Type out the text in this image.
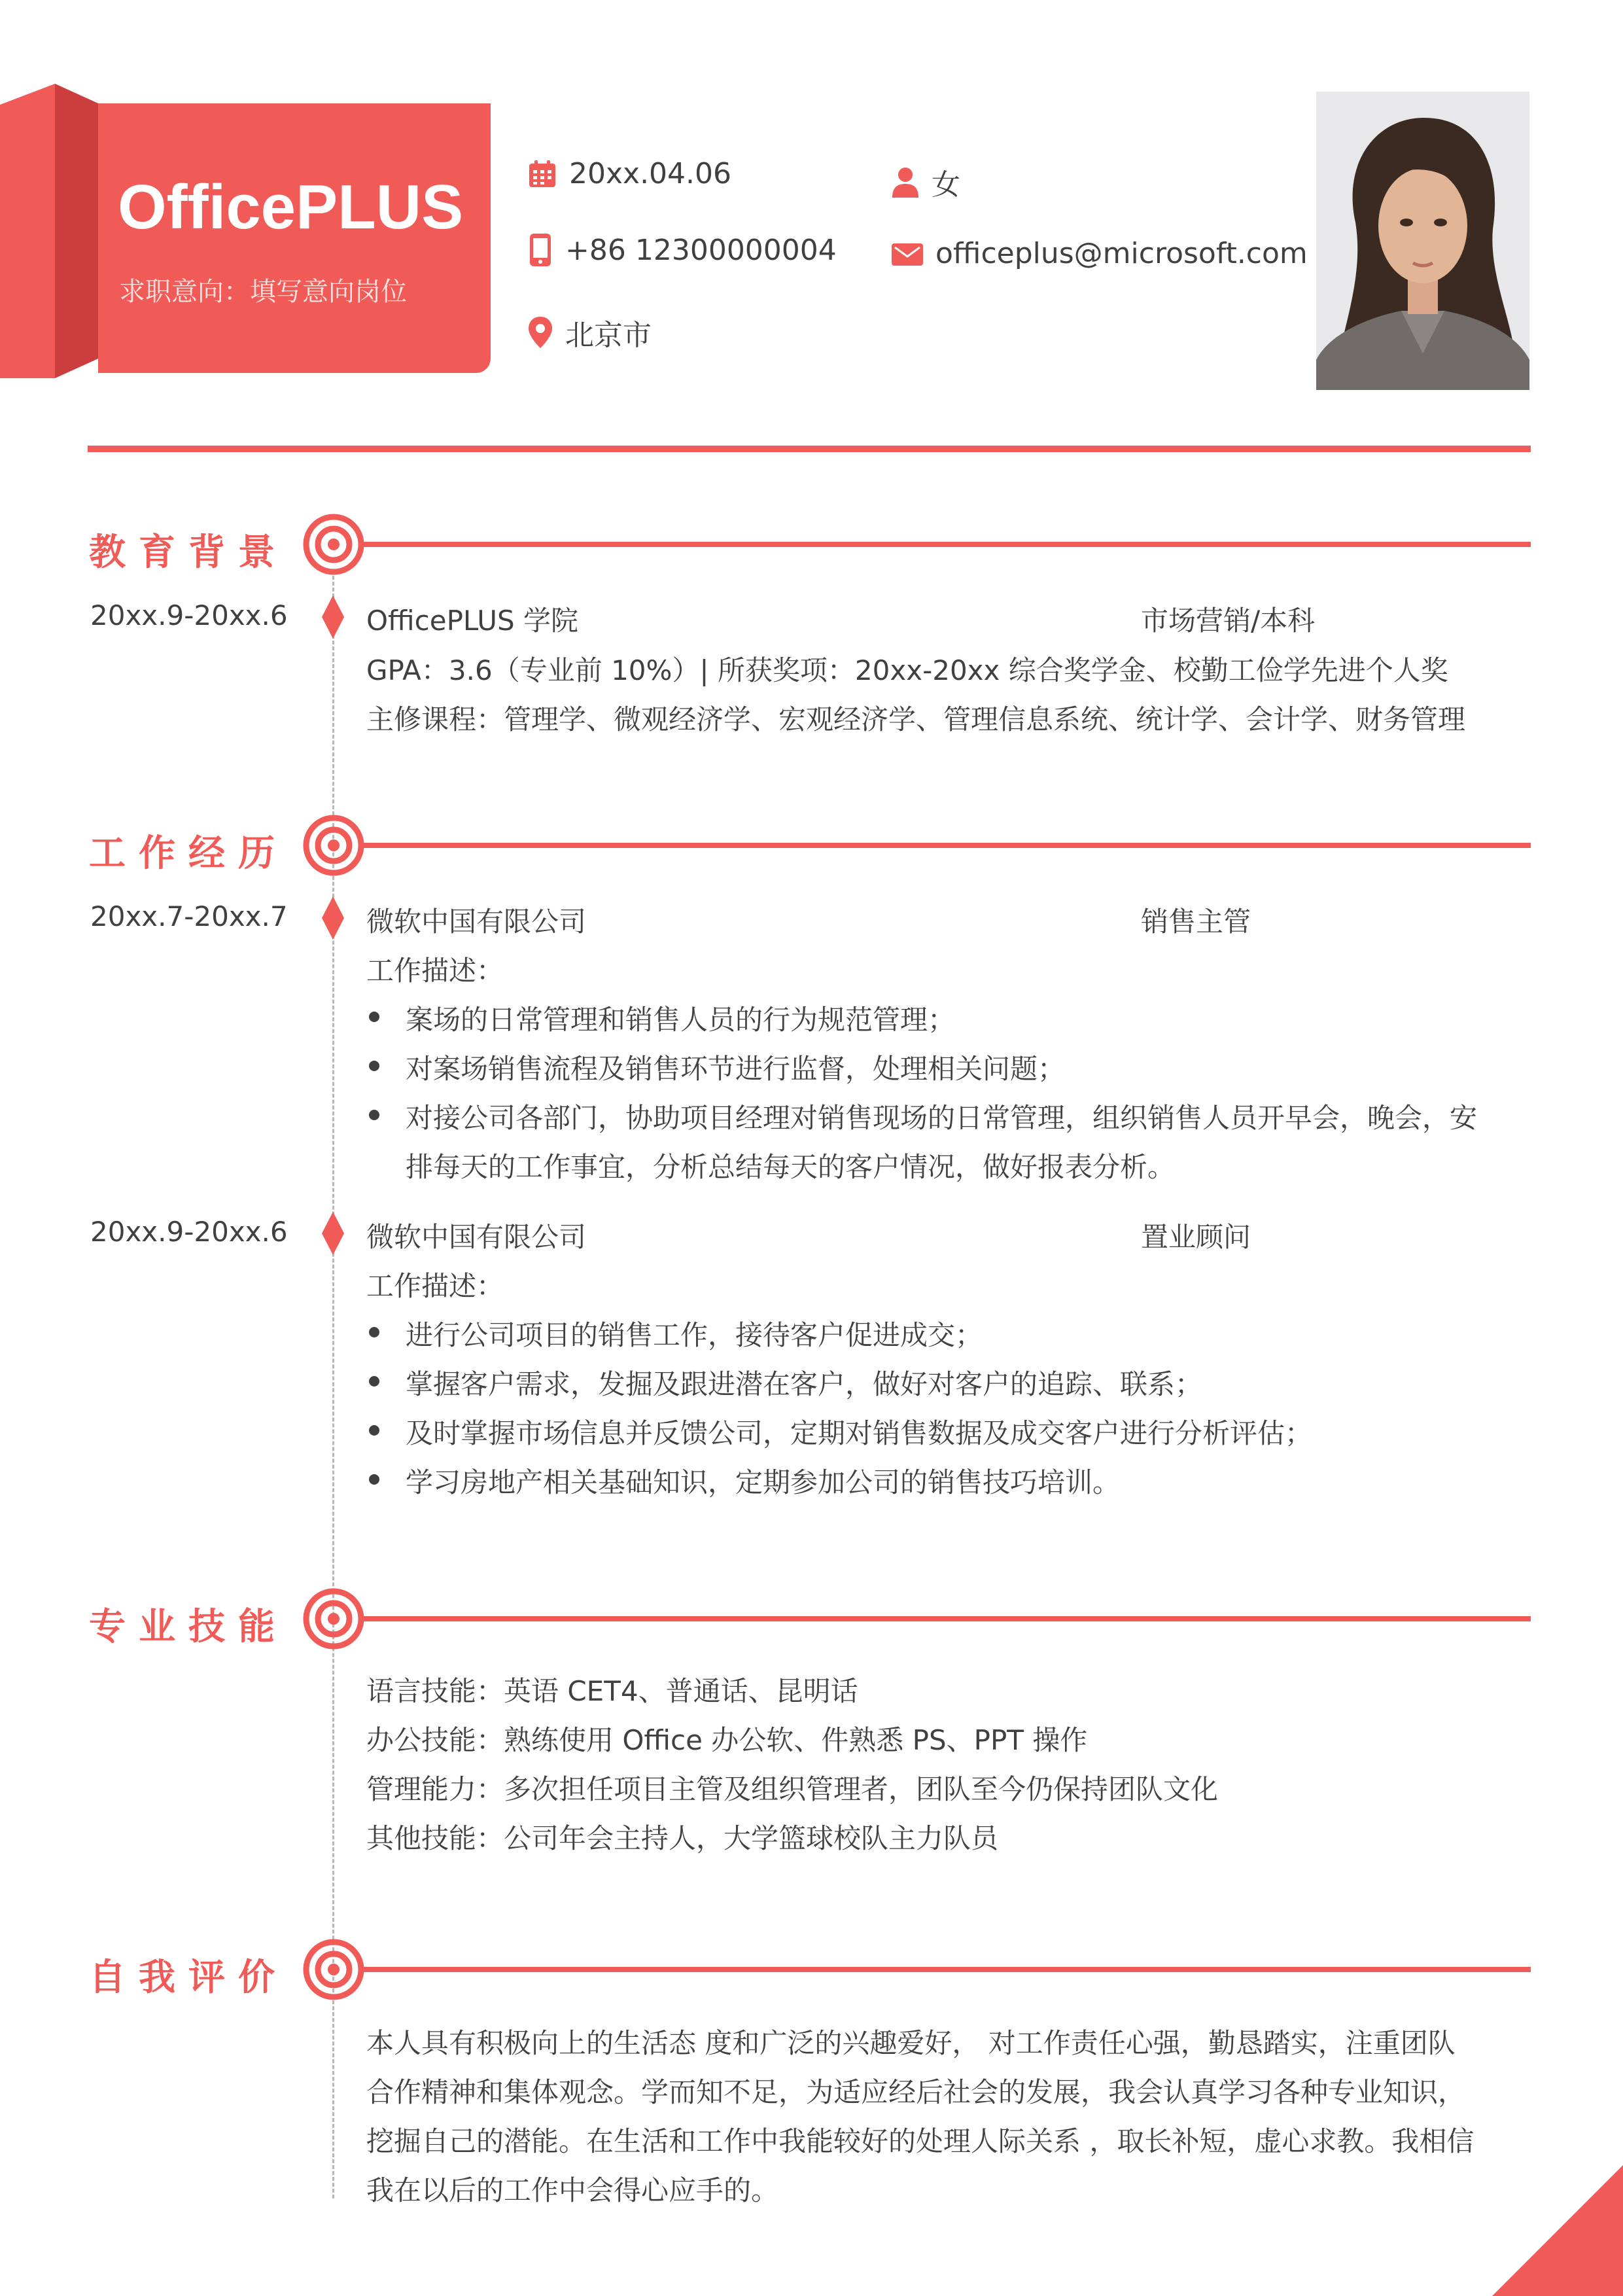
OfficePLUS
求职意向：填写意向岗位
20xx.04.06	女
+86 12300000004	officeplus@microsoft.com
北京市
教育背景
20xx.9-20xx.6	OfficePLUS 学院	市场营销/本科
GPA：3.6（专业前 10%）| 所获奖项：20xx-20xx 综合奖学金、校勤工俭学先进个人奖
主修课程：管理学、微观经济学、宏观经济学、管理信息系统、统计学、会计学、财务管理
工作经历
20xx.7-20xx.7	微软中国有限公司	销售主管
工作描述：
案场的日常管理和销售人员的行为规范管理；
对案场销售流程及销售环节进行监督，处理相关问题；
对接公司各部门，协助项目经理对销售现场的日常管理，组织销售人员开早会，晚会，安
排每天的工作事宜，分析总结每天的客户情况，做好报表分析。
20xx.9-20xx.6	微软中国有限公司	置业顾问
工作描述：
进行公司项目的销售工作，接待客户促进成交；
掌握客户需求，发掘及跟进潜在客户，做好对客户的追踪、联系；
及时掌握市场信息并反馈公司，定期对销售数据及成交客户进行分析评估；
学习房地产相关基础知识，定期参加公司的销售技巧培训。
专业技能
语言技能：英语 CET4、普通话、昆明话
办公技能：熟练使用 Office 办公软、件熟悉 PS、PPT 操作
管理能力：多次担任项目主管及组织管理者，团队至今仍保持团队文化
其他技能：公司年会主持人，大学篮球校队主力队员
自我评价
本人具有积极向上的生活态 度和广泛的兴趣爱好， 对工作责任心强，勤恳踏实，注重团队
合作精神和集体观念。学而知不足，为适应经后社会的发展，我会认真学习各种专业知识，
挖掘自己的潜能。在生活和工作中我能较好的处理人际关系 ，取长补短，虚心求教。我相信
我在以后的工作中会得心应手的。
